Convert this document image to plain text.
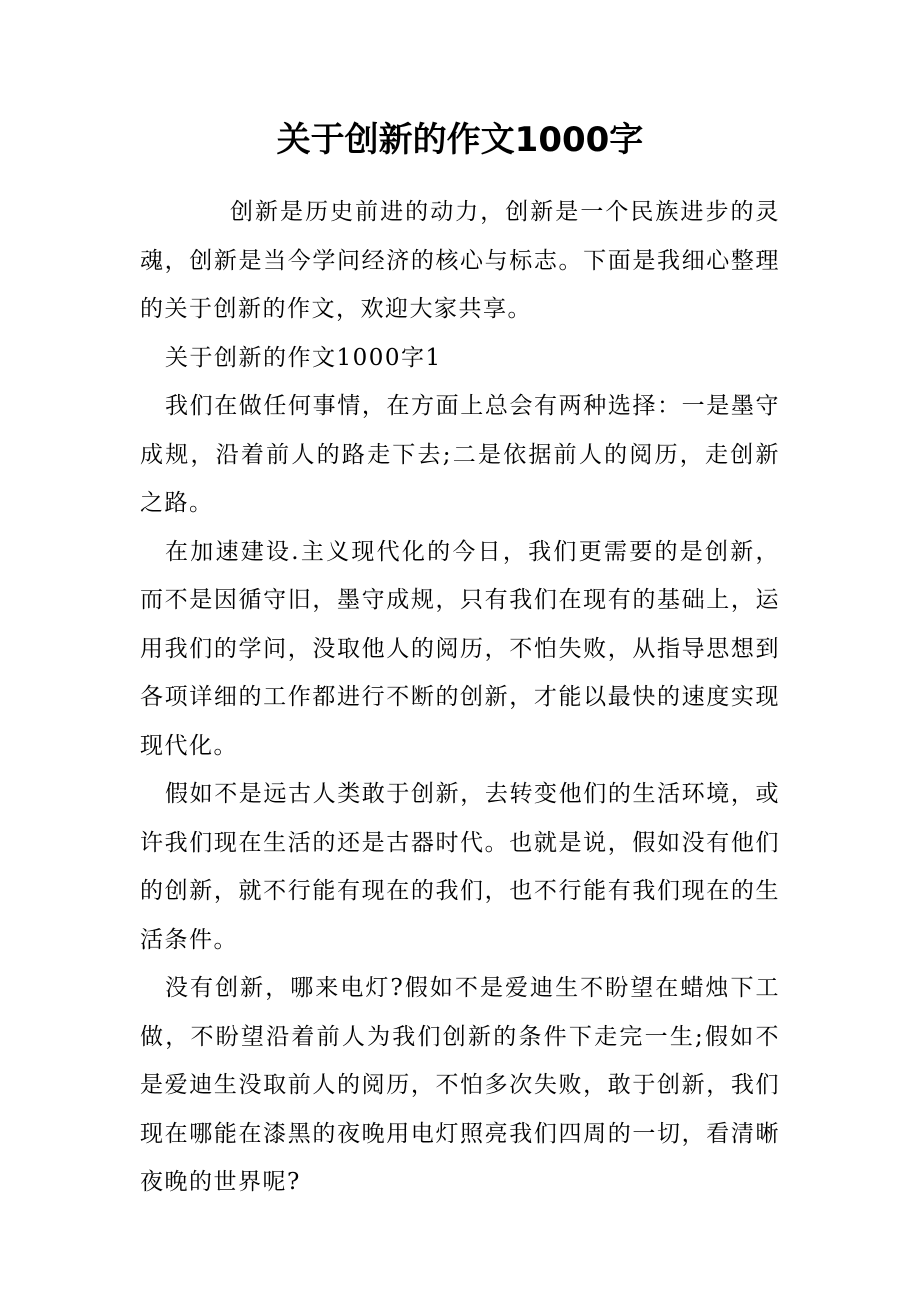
关于创新的作文1000字

创新是历史前进的动力，创新是一个民族进步的灵魂，创新是当今学问经济的核心与标志。下面是我细心整理的关于创新的作文，欢迎大家共享。

关于创新的作文1000字1

我们在做任何事情，在方面上总会有两种选择：一是墨守成规，沿着前人的路走下去;二是依据前人的阅历，走创新之路。

在加速建设.主义现代化的今日，我们更需要的是创新，而不是因循守旧，墨守成规，只有我们在现有的基础上，运用我们的学问，没取他人的阅历，不怕失败，从指导思想到各项详细的工作都进行不断的创新，才能以最快的速度实现现代化。

假如不是远古人类敢于创新，去转变他们的生活环境，或许我们现在生活的还是古器时代。也就是说，假如没有他们的创新，就不行能有现在的我们，也不行能有我们现在的生活条件。

没有创新，哪来电灯?假如不是爱迪生不盼望在蜡烛下工做，不盼望沿着前人为我们创新的条件下走完一生;假如不是爱迪生没取前人的阅历，不怕多次失败，敢于创新，我们现在哪能在漆黑的夜晚用电灯照亮我们四周的一切，看清晰夜晚的世界呢?
